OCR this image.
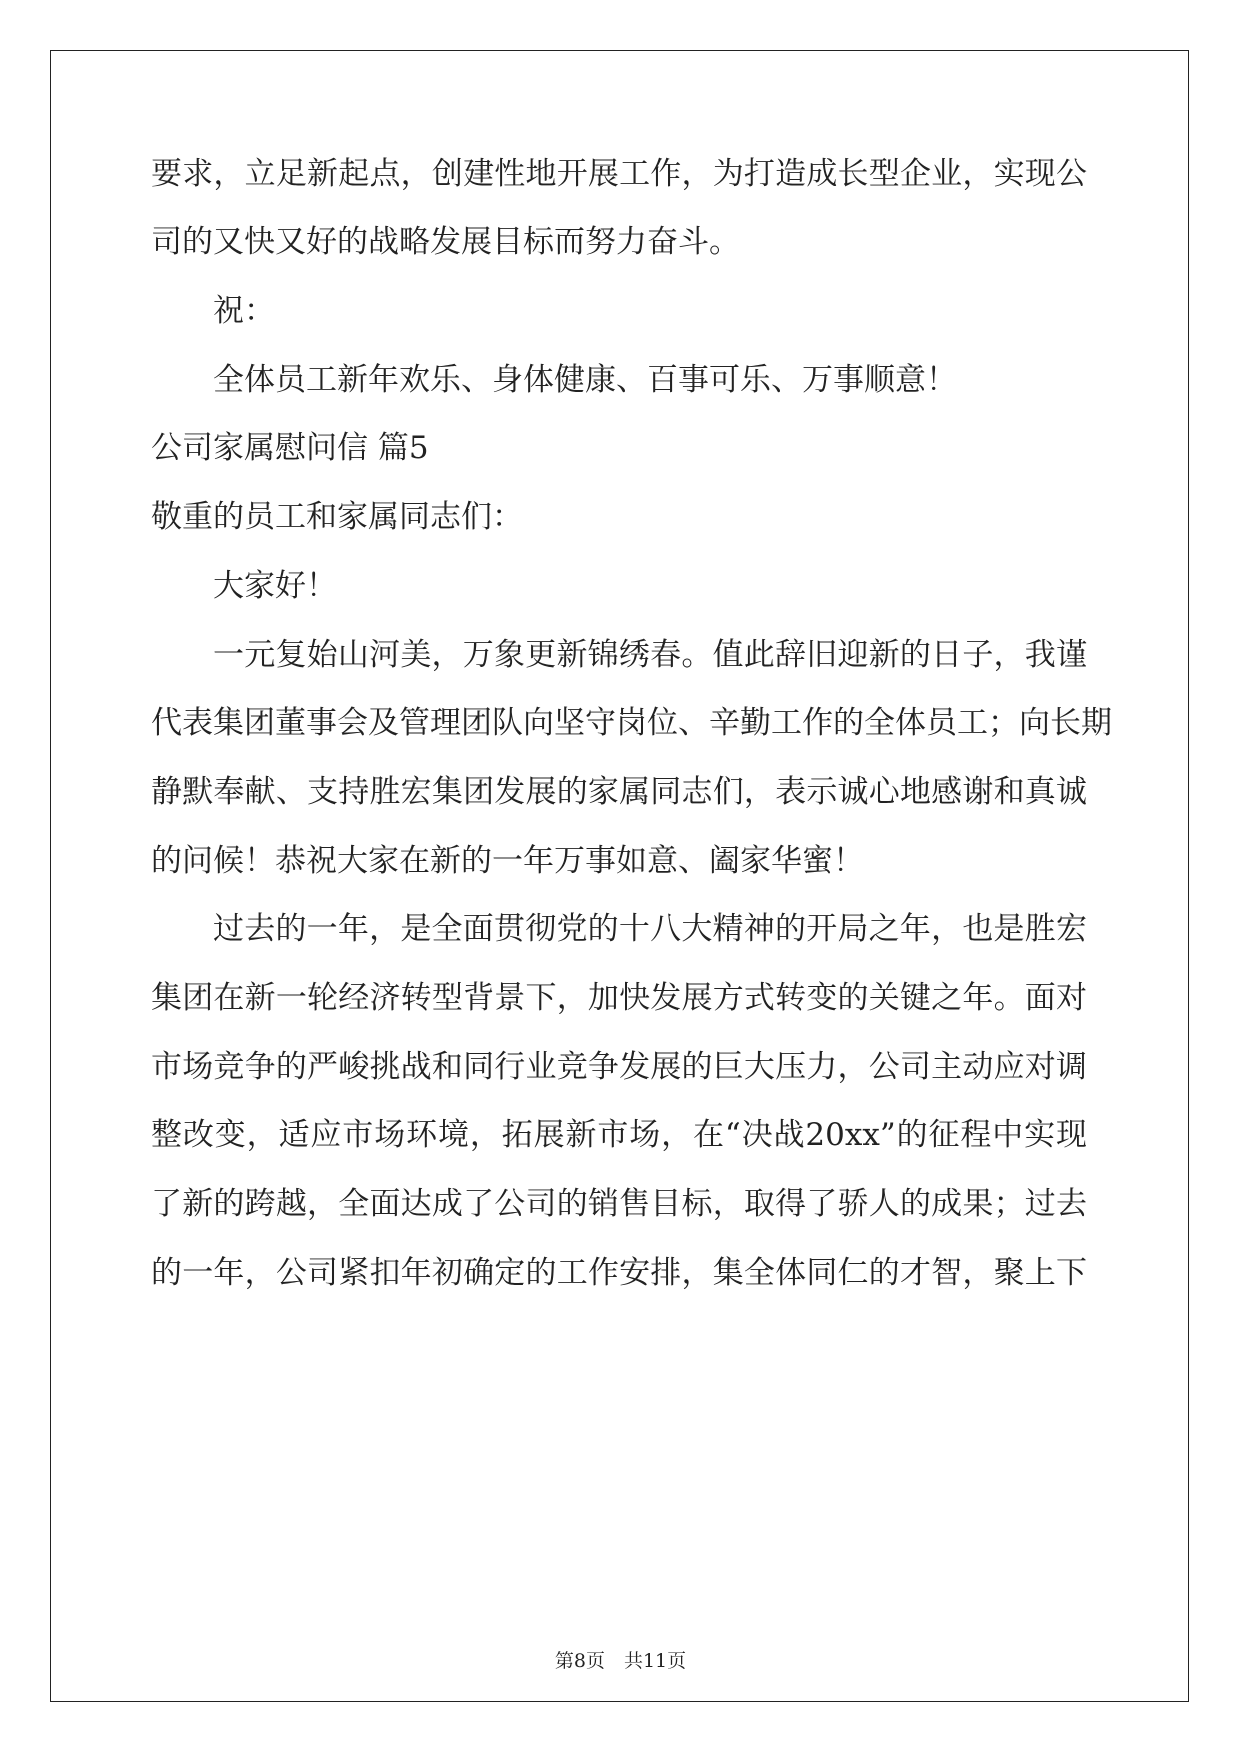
要求，立足新起点，创建性地开展工作，为打造成长型企业，实现公
司的又快又好的战略发展目标而努力奋斗。
祝：
全体员工新年欢乐、身体健康、百事可乐、万事顺意！
公司家属慰问信 篇5
敬重的员工和家属同志们：
大家好！
一元复始山河美，万象更新锦绣春。值此辞旧迎新的日子，我谨
代表集团董事会及管理团队向坚守岗位、辛勤工作的全体员工；向长期
静默奉献、支持胜宏集团发展的家属同志们，表示诚心地感谢和真诚
的问候！恭祝大家在新的一年万事如意、阖家华蜜！
过去的一年，是全面贯彻党的十八大精神的开局之年，也是胜宏
集团在新一轮经济转型背景下，加快发展方式转变的关键之年。面对
市场竞争的严峻挑战和同行业竞争发展的巨大压力，公司主动应对调
整改变，适应市场环境，拓展新市场，在“决战20xx”的征程中实现
了新的跨越，全面达成了公司的销售目标，取得了骄人的成果；过去
的一年，公司紧扣年初确定的工作安排，集全体同仁的才智，聚上下
第8页　共11页
